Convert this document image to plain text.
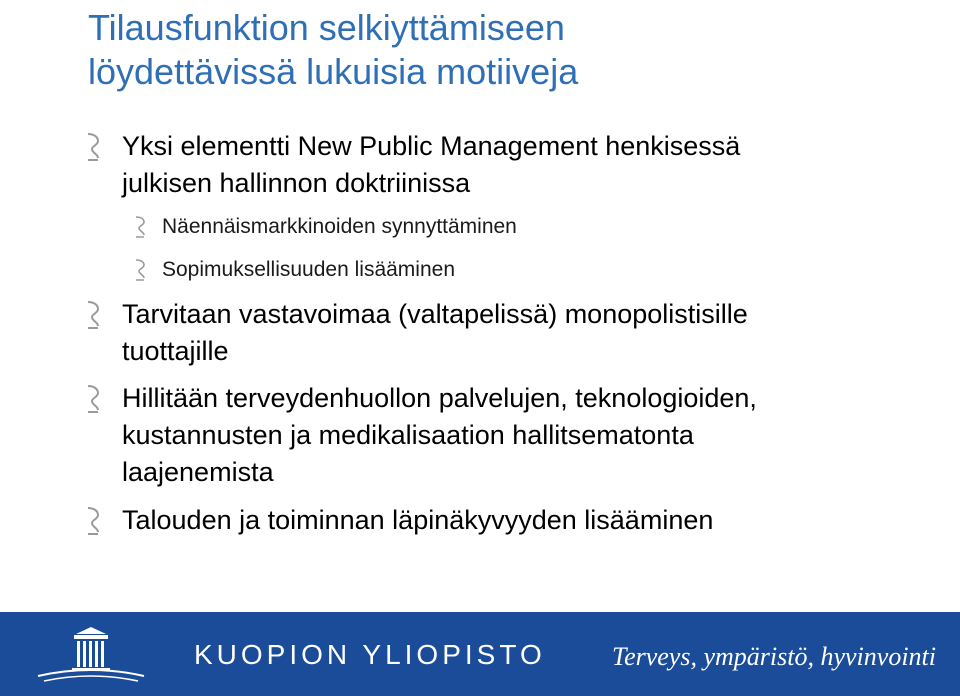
Tilausfunktion selkiyttämiseen
löydettävissä lukuisia motiiveja
Yksi elementti New Public Management henkisessä
julkisen hallinnon doktriinissa
Näennäismarkkinoiden synnyttäminen
Sopimuksellisuuden lisääminen
Tarvitaan vastavoimaa (valtapelissä) monopolistisille
tuottajille
Hillitään terveydenhuollon palvelujen, teknologioiden,
kustannusten ja medikalisaation hallitsematonta
laajenemista
Talouden ja toiminnan läpinäkyvyyden lisääminen
KUOPION YLIOPISTO	Terveys, ympäristö, hyvinvointi
